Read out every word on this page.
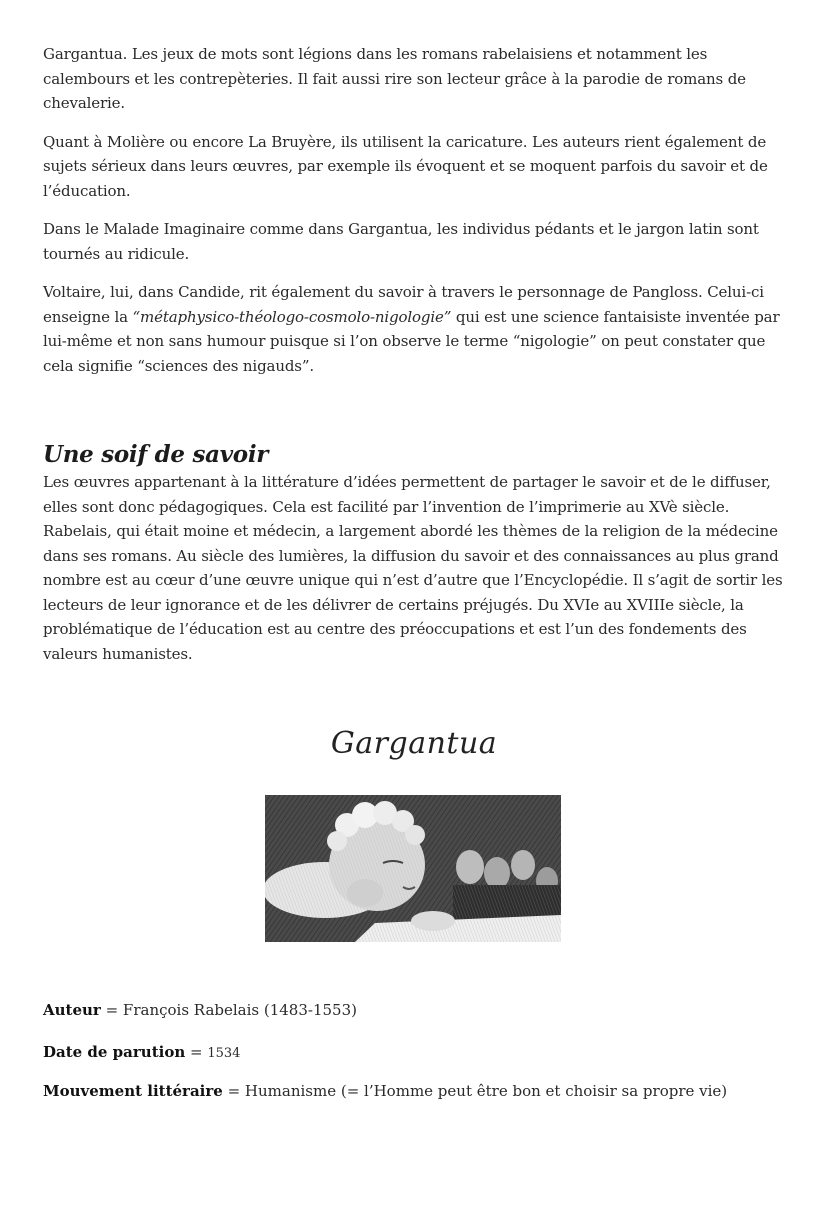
Gargantua. Les jeux de mots sont légions dans les romans rabelaisiens et notamment les calembours et les contrepèteries. Il fait aussi rire son lecteur grâce à la parodie de romans de chevalerie.

Quant à Molière ou encore La Bruyère, ils utilisent la caricature. Les auteurs rient également de sujets sérieux dans leurs œuvres, par exemple ils évoquent et se moquent parfois du savoir et de l’éducation.

Dans le Malade Imaginaire comme dans Gargantua, les individus pédants et le jargon latin sont tournés au ridicule.

Voltaire, lui, dans Candide, rit également du savoir à travers le personnage de Pangloss. Celui-ci enseigne la “métaphysico-théologo-cosmolo-nigologie” qui est une science fantaisiste inventée par lui-même et non sans humour puisque si l’on observe le terme “nigologie” on peut constater que cela signifie “sciences des nigauds”.

Une soif de savoir

Les œuvres appartenant à la littérature d’idées permettent de partager le savoir et de le diffuser, elles sont donc pédagogiques. Cela est facilité par l’invention de l’imprimerie au XVè siècle. Rabelais, qui était moine et médecin, a largement abordé les thèmes de la religion de la médecine dans ses romans. Au siècle des lumières, la diffusion du savoir et des connaissances au plus grand nombre est au cœur d’une œuvre unique qui n’est d’autre que l’Encyclopédie. Il s’agit de sortir les lecteurs de leur ignorance et de les délivrer de certains préjugés. Du XVIe au XVIIIe siècle, la problématique de l’éducation est au centre des préoccupations et est l’un des fondements des valeurs humanistes.

Gargantua
Auteur = François Rabelais (1483-1553)
Date de parution = 1534
Mouvement littéraire = Humanisme (= l’Homme peut être bon et choisir sa propre vie)
